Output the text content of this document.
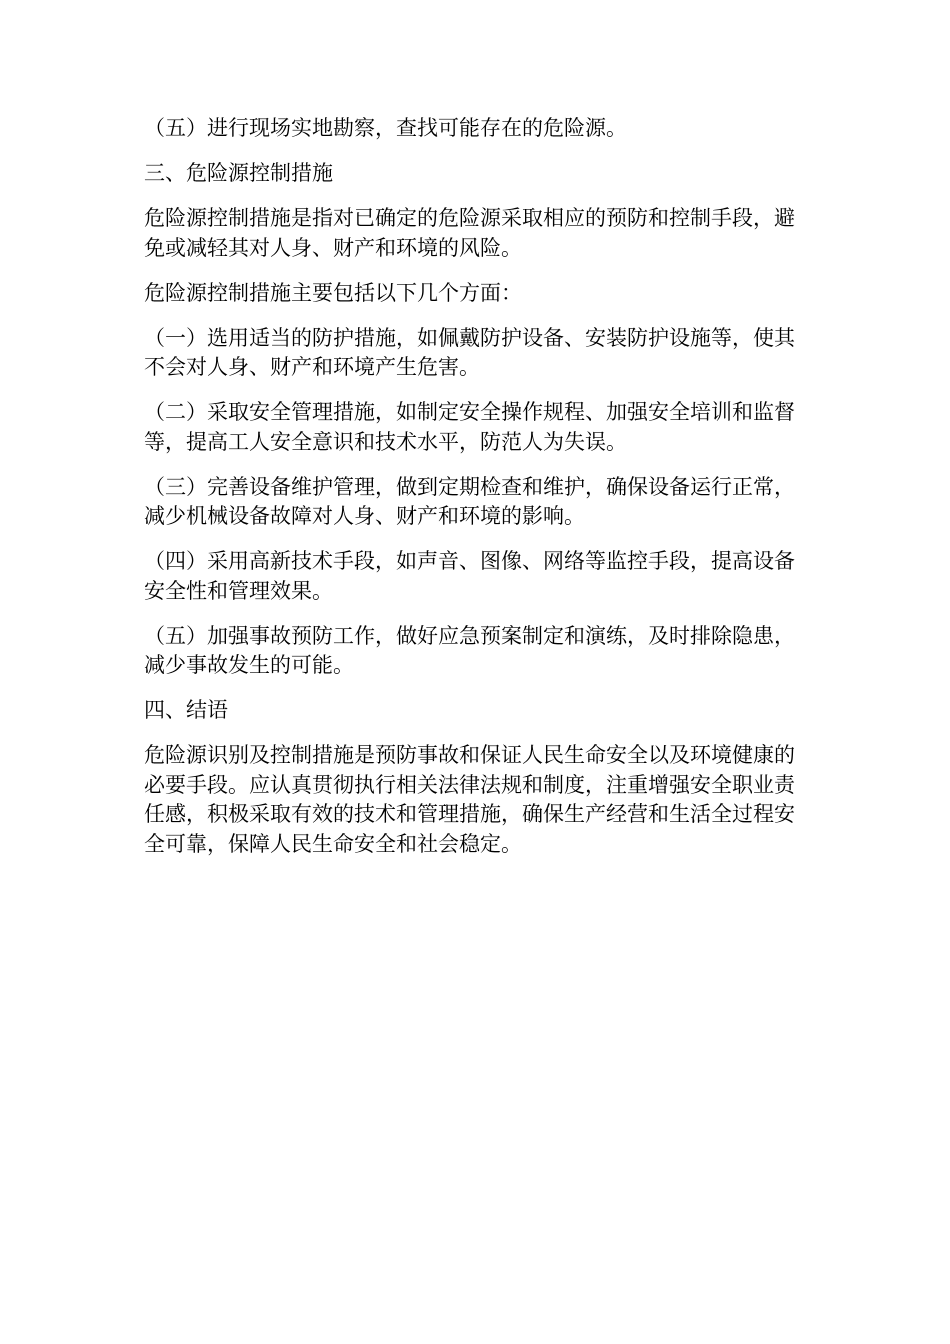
（五）进行现场实地勘察，查找可能存在的危险源。

三、危险源控制措施

危险源控制措施是指对已确定的危险源采取相应的预防和控制手段，避免或减轻其对人身、财产和环境的风险。

危险源控制措施主要包括以下几个方面：

（一）选用适当的防护措施，如佩戴防护设备、安装防护设施等，使其不会对人身、财产和环境产生危害。

（二）采取安全管理措施，如制定安全操作规程、加强安全培训和监督等，提高工人安全意识和技术水平，防范人为失误。

（三）完善设备维护管理，做到定期检查和维护，确保设备运行正常，减少机械设备故障对人身、财产和环境的影响。

（四）采用高新技术手段，如声音、图像、网络等监控手段，提高设备安全性和管理效果。

（五）加强事故预防工作，做好应急预案制定和演练，及时排除隐患，减少事故发生的可能。

四、结语

危险源识别及控制措施是预防事故和保证人民生命安全以及环境健康的必要手段。应认真贯彻执行相关法律法规和制度，注重增强安全职业责任感，积极采取有效的技术和管理措施，确保生产经营和生活全过程安全可靠，保障人民生命安全和社会稳定。
